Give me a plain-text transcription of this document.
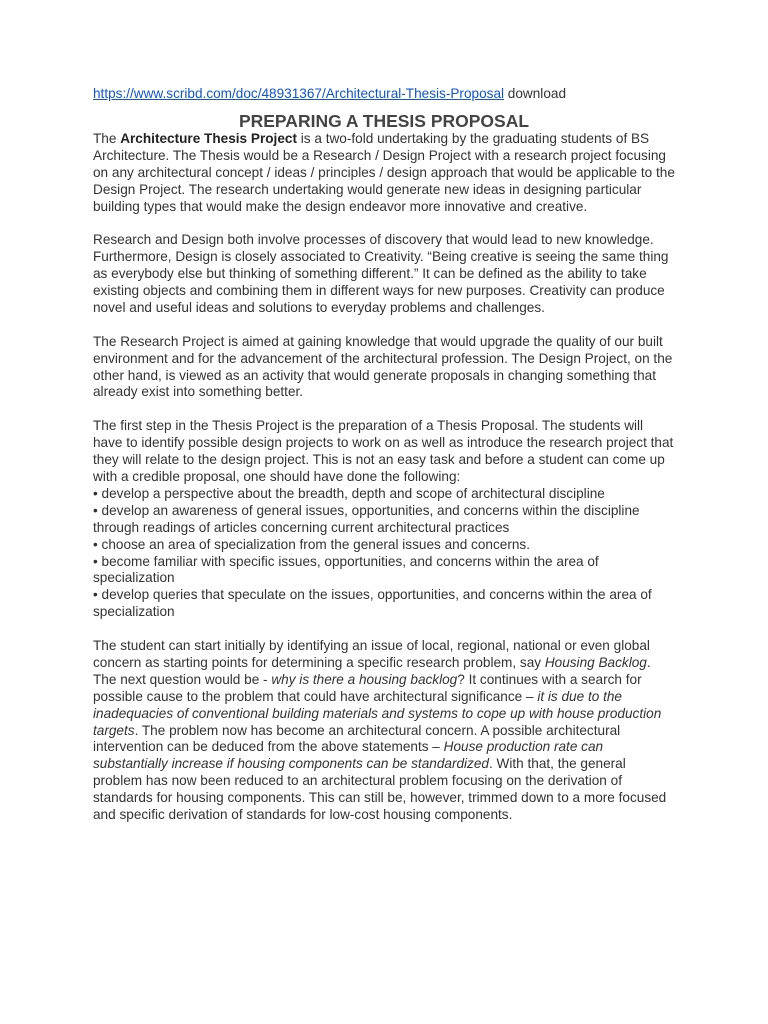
https://www.scribd.com/doc/48931367/Architectural-Thesis-Proposal download

PREPARING A THESIS PROPOSAL

The Architecture Thesis Project is a two-fold undertaking by the graduating students of BS Architecture. The Thesis would be a Research / Design Project with a research project focusing on any architectural concept / ideas / principles / design approach that would be applicable to the Design Project. The research undertaking would generate new ideas in designing particular building types that would make the design endeavor more innovative and creative.

Research and Design both involve processes of discovery that would lead to new knowledge. Furthermore, Design is closely associated to Creativity. “Being creative is seeing the same thing as everybody else but thinking of something different.” It can be defined as the ability to take existing objects and combining them in different ways for new purposes. Creativity can produce novel and useful ideas and solutions to everyday problems and challenges.

The Research Project is aimed at gaining knowledge that would upgrade the quality of our built environment and for the advancement of the architectural profession. The Design Project, on the other hand, is viewed as an activity that would generate proposals in changing something that already exist into something better.

The first step in the Thesis Project is the preparation of a Thesis Proposal. The students will have to identify possible design projects to work on as well as introduce the research project that they will relate to the design project. This is not an easy task and before a student can come up with a credible proposal, one should have done the following:

• develop a perspective about the breadth, depth and scope of architectural discipline
• develop an awareness of general issues, opportunities, and concerns within the discipline through readings of articles concerning current architectural practices
• choose an area of specialization from the general issues and concerns.
• become familiar with specific issues, opportunities, and concerns within the area of specialization
• develop queries that speculate on the issues, opportunities, and concerns within the area of specialization

The student can start initially by identifying an issue of local, regional, national or even global concern as starting points for determining a specific research problem, say Housing Backlog. The next question would be - why is there a housing backlog? It continues with a search for possible cause to the problem that could have architectural significance – it is due to the inadequacies of conventional building materials and systems to cope up with house production targets. The problem now has become an architectural concern. A possible architectural intervention can be deduced from the above statements – House production rate can substantially increase if housing components can be standardized. With that, the general problem has now been reduced to an architectural problem focusing on the derivation of standards for housing components. This can still be, however, trimmed down to a more focused and specific derivation of standards for low-cost housing components.
